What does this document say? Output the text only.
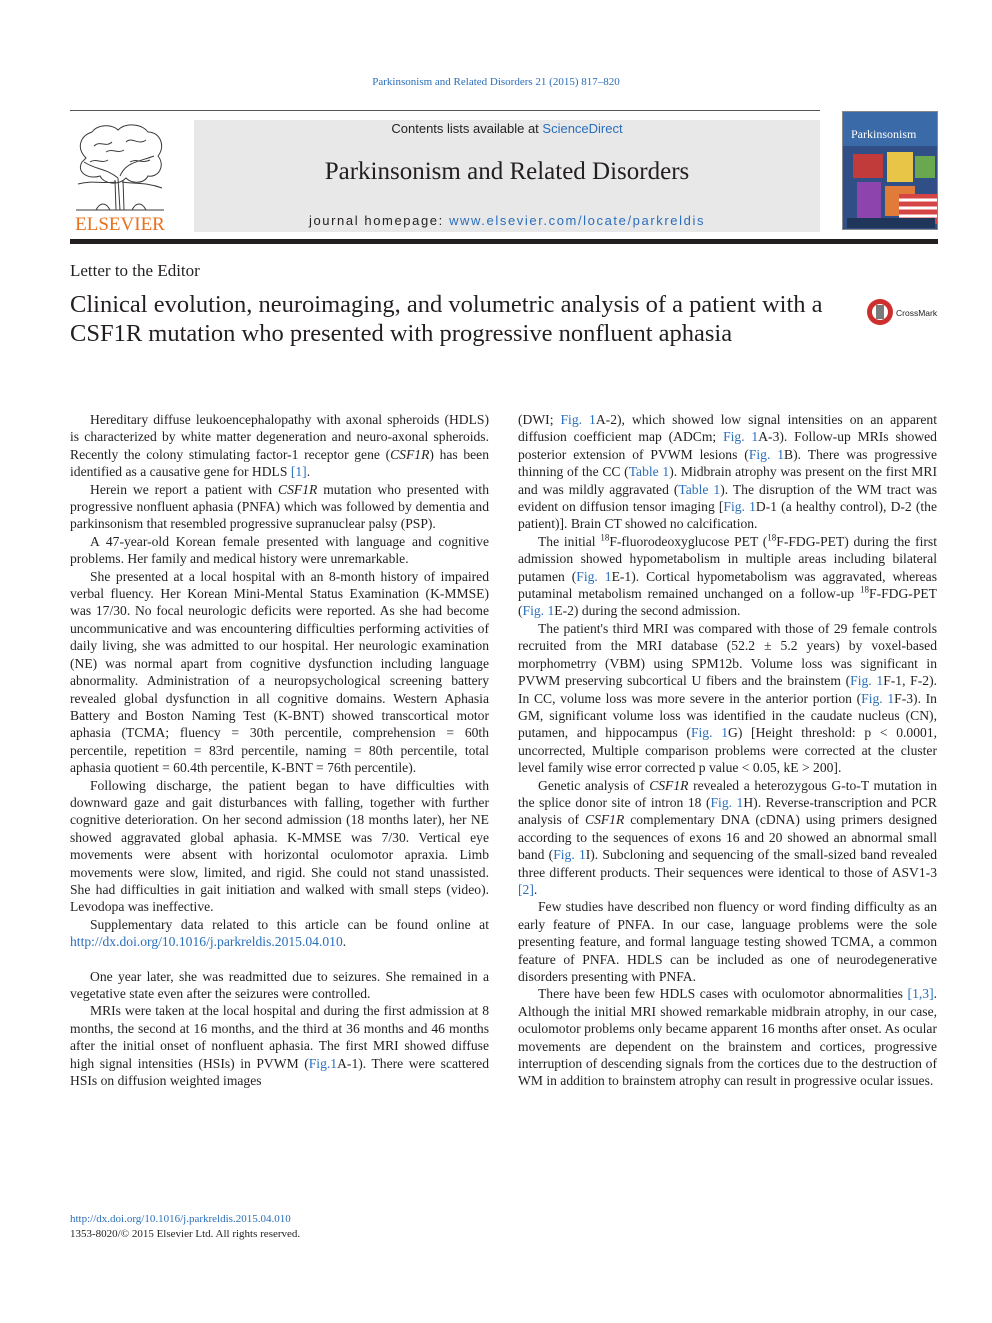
Parkinsonism and Related Disorders 21 (2015) 817–820
ELSEVIER
Contents lists available at ScienceDirect
Parkinsonism and Related Disorders
journal homepage: www.elsevier.com/locate/parkreldis
Parkinsonism
Letter to the Editor
Clinical evolution, neuroimaging, and volumetric analysis of a patient with a CSF1R mutation who presented with progressive nonfluent aphasia
CrossMark

Hereditary diffuse leukoencephalopathy with axonal spheroids (HDLS) is characterized by white matter degeneration and neuro-axonal spheroids. Recently the colony stimulating factor-1 receptor gene (CSF1R) has been identified as a causative gene for HDLS [1].

Herein we report a patient with CSF1R mutation who presented with progressive nonfluent aphasia (PNFA) which was followed by dementia and parkinsonism that resembled progressive supranuclear palsy (PSP).

A 47-year-old Korean female presented with language and cognitive problems. Her family and medical history were unremarkable.

She presented at a local hospital with an 8-month history of impaired verbal fluency. Her Korean Mini-Mental Status Examination (K-MMSE) was 17/30. No focal neurologic deficits were reported. As she had become uncommunicative and was encountering difficulties performing activities of daily living, she was admitted to our hospital. Her neurologic examination (NE) was normal apart from cognitive dysfunction including language abnormality. Administration of a neuropsychological screening battery revealed global dysfunction in all cognitive domains. Western Aphasia Battery and Boston Naming Test (K-BNT) showed transcortical motor aphasia (TCMA; fluency = 30th percentile, comprehension = 60th percentile, repetition = 83rd percentile, naming = 80th percentile, total aphasia quotient = 60.4th percentile, K-BNT = 76th percentile).

Following discharge, the patient began to have difficulties with downward gaze and gait disturbances with falling, together with further cognitive deterioration. On her second admission (18 months later), her NE showed aggravated global aphasia. K-MMSE was 7/30. Vertical eye movements were absent with horizontal oculomotor apraxia. Limb movements were slow, limited, and rigid. She could not stand unassisted. She had difficulties in gait initiation and walked with small steps (video). Levodopa was ineffective.

Supplementary data related to this article can be found online at http://dx.doi.org/10.1016/j.parkreldis.2015.04.010.

One year later, she was readmitted due to seizures. She remained in a vegetative state even after the seizures were controlled.

MRIs were taken at the local hospital and during the first admission at 8 months, the second at 16 months, and the third at 36 months and 46 months after the initial onset of nonfluent aphasia. The first MRI showed diffuse high signal intensities (HSIs) in PVWM (Fig.1A-1). There were scattered HSIs on diffusion weighted images

(DWI; Fig. 1A-2), which showed low signal intensities on an apparent diffusion coefficient map (ADCm; Fig. 1A-3). Follow-up MRIs showed posterior extension of PVWM lesions (Fig. 1B). There was progressive thinning of the CC (Table 1). Midbrain atrophy was present on the first MRI and was mildly aggravated (Table 1). The disruption of the WM tract was evident on diffusion tensor imaging [Fig. 1D-1 (a healthy control), D-2 (the patient)]. Brain CT showed no calcification.

The initial $^{18}$F-fluorodeoxyglucose PET ($^{18}$F-FDG-PET) during the first admission showed hypometabolism in multiple areas including bilateral putamen (Fig. 1E-1). Cortical hypometabolism was aggravated, whereas putaminal metabolism remained unchanged on a follow-up $^{18}$F-FDG-PET (Fig. 1E-2) during the second admission.

The patient's third MRI was compared with those of 29 female controls recruited from the MRI database (52.2 ± 5.2 years) by voxel-based morphometrry (VBM) using SPM12b. Volume loss was significant in PVWM preserving subcortical U fibers and the brainstem (Fig. 1F-1, F-2). In CC, volume loss was more severe in the anterior portion (Fig. 1F-3). In GM, significant volume loss was identified in the caudate nucleus (CN), putamen, and hippocampus (Fig. 1G) [Height threshold: p < 0.0001, uncorrected, Multiple comparison problems were corrected at the cluster level family wise error corrected p value < 0.05, kE > 200].

Genetic analysis of CSF1R revealed a heterozygous G-to-T mutation in the splice donor site of intron 18 (Fig. 1H). Reverse-transcription and PCR analysis of CSF1R complementary DNA (cDNA) using primers designed according to the sequences of exons 16 and 20 showed an abnormal small band (Fig. 1I). Subcloning and sequencing of the small-sized band revealed three different products. Their sequences were identical to those of ASV1-3 [2].

Few studies have described non fluency or word finding difficulty as an early feature of PNFA. In our case, language problems were the sole presenting feature, and formal language testing showed TCMA, a common feature of PNFA. HDLS can be included as one of neurodegenerative disorders presenting with PNFA.

There have been few HDLS cases with oculomotor abnormalities [1,3]. Although the initial MRI showed remarkable midbrain atrophy, in our case, oculomotor problems only became apparent 16 months after onset. As ocular movements are dependent on the brainstem and cortices, progressive interruption of descending signals from the cortices due to the destruction of WM in addition to brainstem atrophy can result in progressive ocular issues.

http://dx.doi.org/10.1016/j.parkreldis.2015.04.010
1353-8020/© 2015 Elsevier Ltd. All rights reserved.
